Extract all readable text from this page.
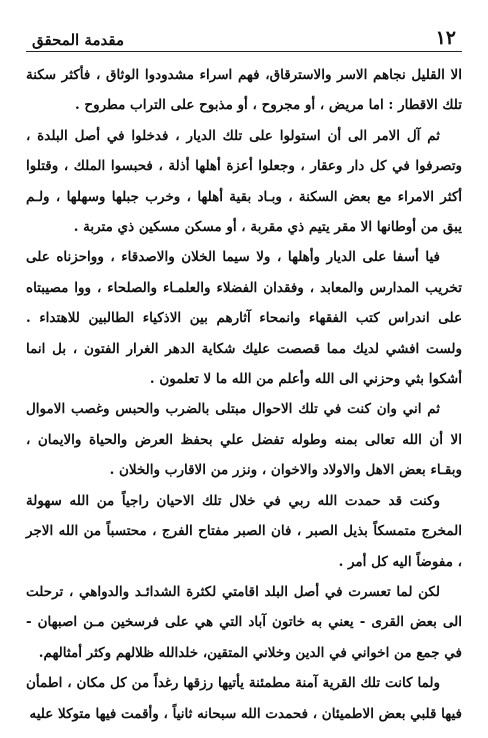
١٢
مقدمة المحقق

الا القليل نجاهم الاسر والاسترقاق، فهم اسراء مشدودوا الوثاق ، فأكثر سكنة تلك الاقطار : اما مريض ، أو مجروح ، أو مذبوح على التراب مطروح .

ثم آل الامر الى أن استولوا على تلك الديار ، فدخلوا في أصل البلدة ، وتصرفوا في كل دار وعقار ، وجعلوا أعزة أهلها أذلة ، فحبسوا الملك ، وقتلوا أكثر الامراء مع بعض السكنة ، وبـاد بقية أهلها ، وخرب جبلها وسهلها ، ولـم يبق من أوطانها الا مقر يتيم ذي مقربة ، أو مسكن مسكين ذي متربة .

فيا أسفا على الديار وأهلها ، ولا سيما الخلان والاصدقاء ، وواحزناه على تخريب المدارس والمعابد ، وفقدان الفضلاء والعلمـاء والصلحاء ، ووا مصيبتاه على اندراس كتب الفقهاء وانمحاء آثارهم بين الاذكياء الطالبين للاهتداء . ولست افشي لديك مما قصصت عليك شكاية الدهر الغرار الفتون ، بل انما أشكوا بثي وحزني الى الله وأعلم من الله ما لا تعلمون .

ثم اني وان كنت في تلك الاحوال مبتلى بالضرب والحبس وغصب الاموال الا أن الله تعالى بمنه وطوله تفضل علي بحفظ العرض والحياة والايمان ، وبقـاء بعض الاهل والاولاد والاخوان ، ونزر من الاقارب والخلان .

وكنت قد حمدت الله ربي في خلال تلك الاحيان راجياً من الله سهولة المخرج متمسكاً بذيل الصبر ، فان الصبر مفتاح الفرج ، محتسباً من الله الاجر ، مفوضاً اليه كل أمر .

لكن لما تعسرت في أصل البلد اقامتي لكثرة الشدائـد والدواهي ، ترحلت الى بعض القرى - يعني به خاتون آباد التي هي على فرسخين مـن اصبهان - في جمع من اخواني في الدين وخلاني المتقين، خلدالله ظلالهم وكثر أمثالهم.

ولما كانت تلك القرية آمنة مطمئنة يأتيها رزقها رغداً من كل مكان ، اطمأن فيها قلبي بعض الاطميئان ، فحمدت الله سبحانه ثانياً ، وأقمت فيها متوكلا عليه
